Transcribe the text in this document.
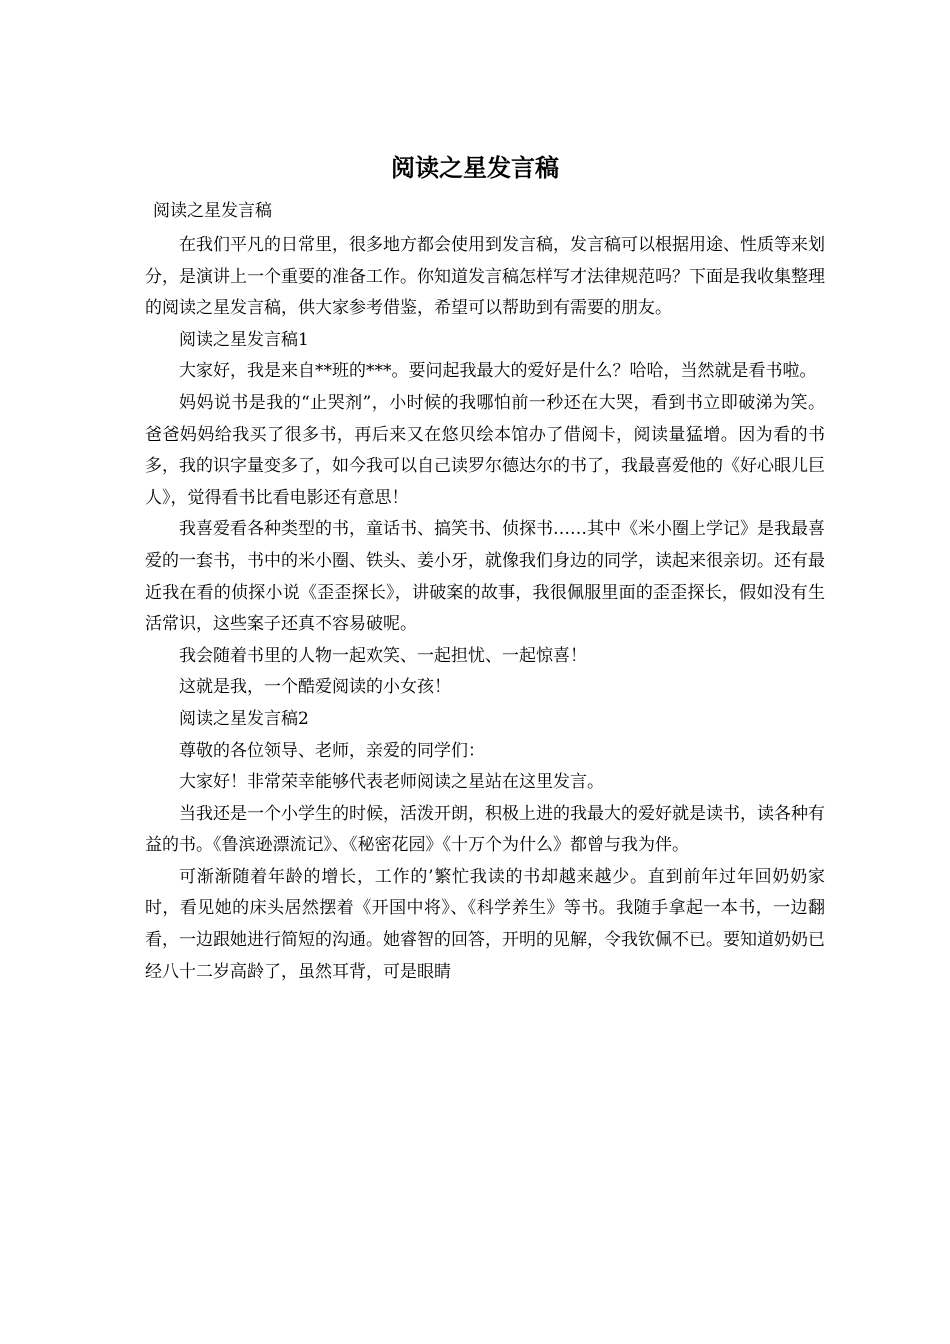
阅读之星发言稿
阅读之星发言稿

在我们平凡的日常里，很多地方都会使用到发言稿，发言稿可以根据用途、性质等来划分，是演讲上一个重要的准备工作。你知道发言稿怎样写才法律规范吗？下面是我收集整理的阅读之星发言稿，供大家参考借鉴，希望可以帮助到有需要的朋友。

阅读之星发言稿1

大家好，我是来自**班的***。要问起我最大的爱好是什么？哈哈，当然就是看书啦。

妈妈说书是我的“止哭剂”，小时候的我哪怕前一秒还在大哭，看到书立即破涕为笑。爸爸妈妈给我买了很多书，再后来又在悠贝绘本馆办了借阅卡，阅读量猛增。因为看的书多，我的识字量变多了，如今我可以自己读罗尔德达尔的书了，我最喜爱他的《好心眼儿巨人》，觉得看书比看电影还有意思！

我喜爱看各种类型的书，童话书、搞笑书、侦探书……其中《米小圈上学记》是我最喜爱的一套书，书中的米小圈、铁头、姜小牙，就像我们身边的同学，读起来很亲切。还有最近我在看的侦探小说《歪歪探长》，讲破案的故事，我很佩服里面的歪歪探长，假如没有生活常识，这些案子还真不容易破呢。

我会随着书里的人物一起欢笑、一起担忧、一起惊喜！

这就是我，一个酷爱阅读的小女孩！

阅读之星发言稿2

尊敬的各位领导、老师，亲爱的同学们：

大家好！非常荣幸能够代表老师阅读之星站在这里发言。

当我还是一个小学生的时候，活泼开朗，积极上进的我最大的爱好就是读书，读各种有益的书。《鲁滨逊漂流记》、《秘密花园》《十万个为什么》都曾与我为伴。

可渐渐随着年龄的增长，工作的’繁忙我读的书却越来越少。直到前年过年回奶奶家时，看见她的床头居然摆着《开国中将》、《科学养生》等书。我随手拿起一本书，一边翻看，一边跟她进行简短的沟通。她睿智的回答，开明的见解，令我钦佩不已。要知道奶奶已经八十二岁高龄了，虽然耳背，可是眼睛
